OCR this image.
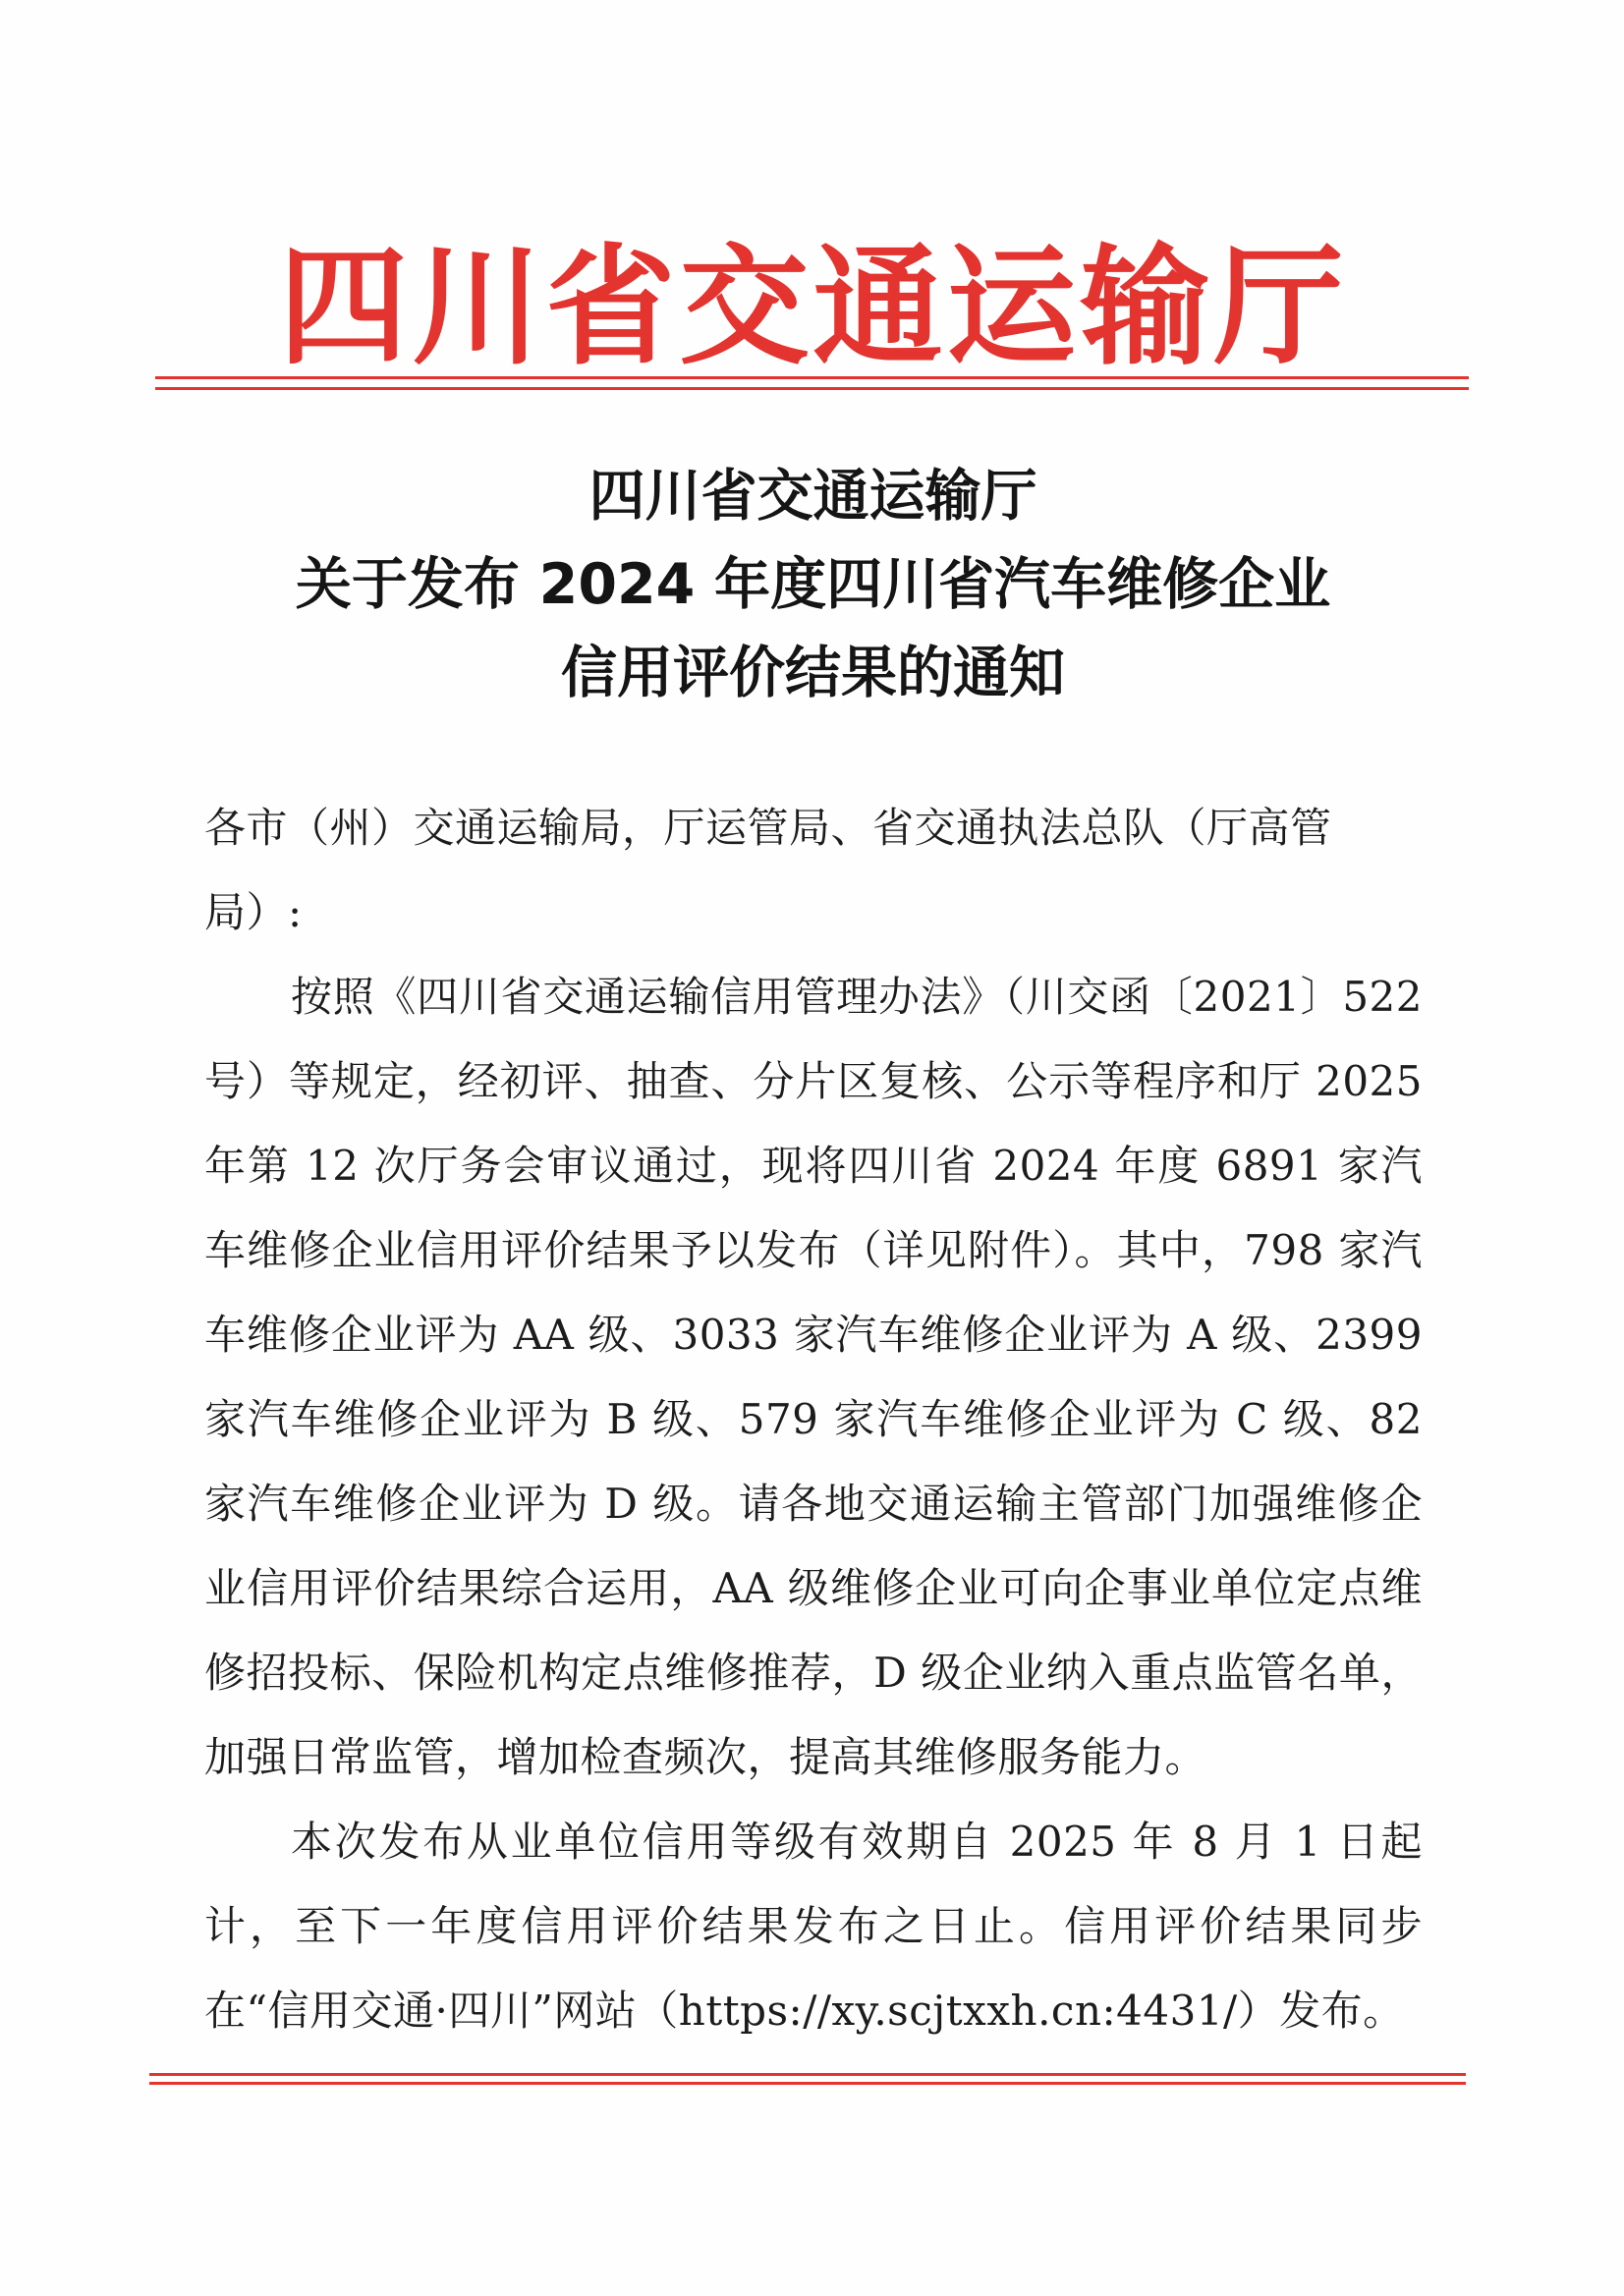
四川省交通运输厅
四川省交通运输厅
关于发布 2024 年度四川省汽车维修企业
信用评价结果的通知

各市（州）交通运输局，厅运管局、省交通执法总队（厅高管局）:

按照《四川省交通运输信用管理办法》（川交函〔2021〕522 号）等规定，经初评、抽查、分片区复核、公示等程序和厅 2025 年第 12 次厅务会审议通过，现将四川省 2024 年度 6891 家汽车维修企业信用评价结果予以发布（详见附件）。其中，798 家汽车维修企业评为 AA 级、3033 家汽车维修企业评为 A 级、2399 家汽车维修企业评为 B 级、579 家汽车维修企业评为 C 级、82 家汽车维修企业评为 D 级。请各地交通运输主管部门加强维修企业信用评价结果综合运用，AA 级维修企业可向企事业单位定点维修招投标、保险机构定点维修推荐，D 级企业纳入重点监管名单，加强日常监管，增加检查频次，提高其维修服务能力。

本次发布从业单位信用等级有效期自 2025 年 8 月 1 日起计，至下一年度信用评价结果发布之日止。信用评价结果同步在“信用交通·四川”网站（https://xy.scjtxxh.cn:4431/）发布。
